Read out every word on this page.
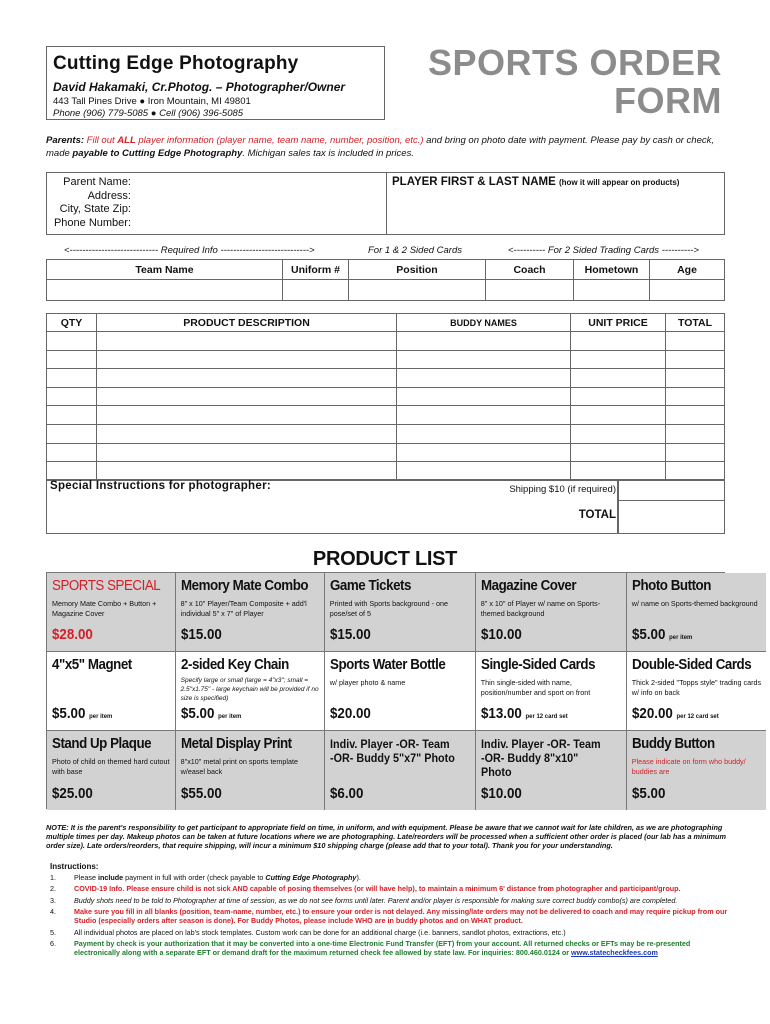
Cutting Edge Photography
David Hakamaki, Cr.Photog. – Photographer/Owner
443 Tall Pines Drive ● Iron Mountain, MI 49801
Phone (906) 779-5085 ● Cell (906) 396-5085
SPORTS ORDER
FORM
Parents: Fill out ALL player information (player name, team name, number, position, etc.) and bring on photo date with payment. Please pay by cash or check, made payable to Cutting Edge Photography. Michigan sales tax is included in prices.
Parent Name:
Address:
City, State Zip:
Phone Number:
PLAYER FIRST & LAST NAME (how it will appear on products)
<---------------------------- Required Info ---------------------------->	For 1 & 2 Sided Cards	<---------- For 2 Sided Trading Cards ---------->
Team Name	Uniform #	Position	Coach	Hometown	Age

QTY	PRODUCT DESCRIPTION	BUDDY NAMES	UNIT PRICE	TOTAL

Special Instructions for photographer:	Shipping $10 (if required)
TOTAL
PRODUCT LIST
SPORTS SPECIAL
Memory Mate Combo + Button + Magazine Cover
$28.00
Memory Mate Combo
8" x 10" Player/Team Composite + add'l individual 5" x 7" of Player
$15.00
Game Tickets
Printed with Sports background - one pose/set of 5
$15.00
Magazine Cover
8" x 10" of Player w/ name on Sports-themed background
$10.00
Photo Button
w/ name on Sports-themed background
$5.00 per item
4"x5" Magnet
$5.00 per item
2-sided Key Chain
Specify large or small (large = 4"x3"; small = 2.5"x1.75" - large keychain will be provided if no size is specified)
$5.00 per item
Sports Water Bottle
w/ player photo & name
$20.00
Single-Sided Cards
Thin single-sided with name, position/number and sport on front
$13.00 per 12 card set
Double-Sided Cards
Thick 2-sided "Topps style" trading cards w/ info on back
$20.00 per 12 card set
Stand Up Plaque
Photo of child on themed hard cutout with base
$25.00
Metal Display Print
8"x10" metal print on sports template w/easel back
$55.00
Indiv. Player -OR- Team -OR- Buddy 5"x7" Photo
$6.00
Indiv. Player -OR- Team -OR- Buddy 8"x10" Photo
$10.00
Buddy Button
Please indicate on form who buddy/ buddies are
$5.00
NOTE: It is the parent's responsibility to get participant to appropriate field on time, in uniform, and with equipment. Please be aware that we cannot wait for late children, as we are photographing multiple times per day. Makeup photos can be taken at future locations where we are photographing. Late/reorders will be processed when a sufficient other order is placed (our lab has a minimum order size). Late orders/reorders, that require shipping, will incur a minimum $10 shipping charge (please add that to your total). Thank you for your understanding.
Instructions:
1.	Please include payment in full with order (check payable to Cutting Edge Photography).
2.	COVID-19 Info. Please ensure child is not sick AND capable of posing themselves (or will have help), to maintain a minimum 6' distance from photographer and participant/group.
3.	Buddy shots need to be told to Photographer at time of session, as we do not see forms until later. Parent and/or player is responsible for making sure correct buddy combo(s) are completed.
4.	Make sure you fill in all blanks (position, team-name, number, etc.) to ensure your order is not delayed. Any missing/late orders may not be delivered to coach and may require pickup from our Studio (especially orders after season is done). For Buddy Photos, please include WHO are in buddy photos and on WHAT product.
5.	All individual photos are placed on lab's stock templates. Custom work can be done for an additional charge (i.e. banners, sandlot photos, extractions, etc.)
6.	Payment by check is your authorization that it may be converted into a one-time Electronic Fund Transfer (EFT) from your account. All returned checks or EFTs may be re-presented electronically along with a separate EFT or demand draft for the maximum returned check fee allowed by state law. For inquiries: 800.460.0124 or www.statecheckfees.com
